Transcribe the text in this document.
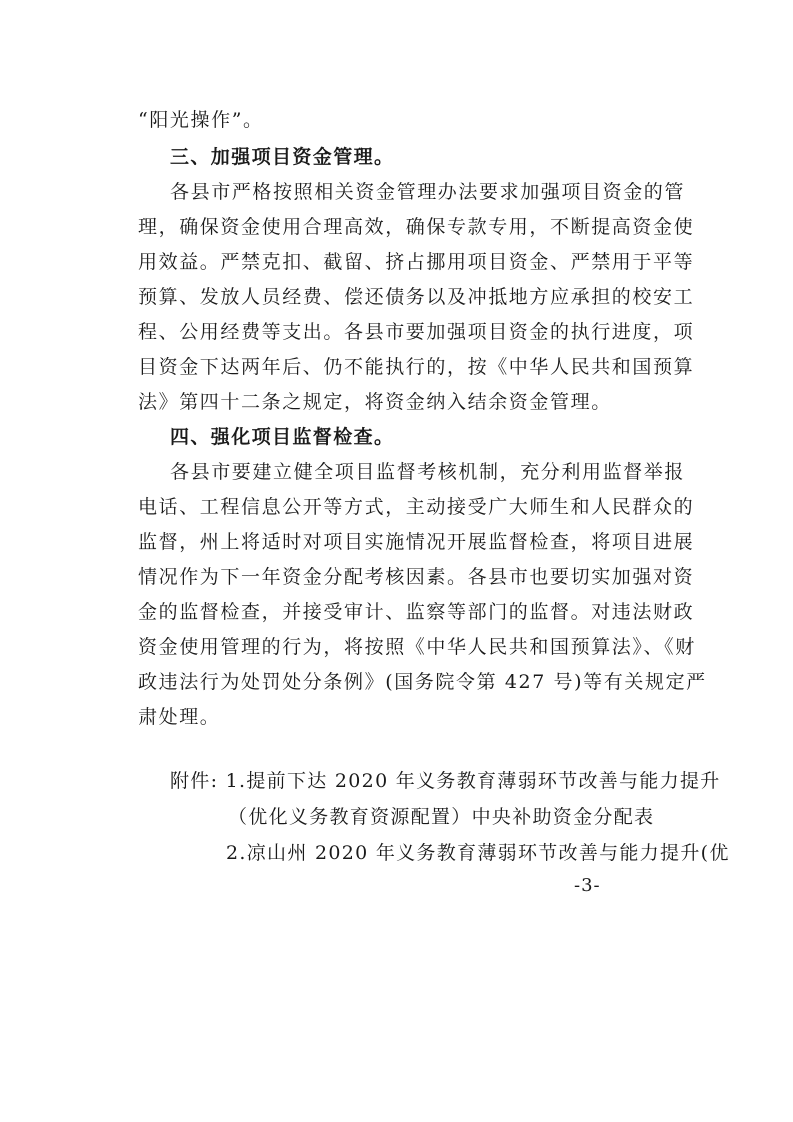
“阳光操作”。
三、加强项目资金管理。
各县市严格按照相关资金管理办法要求加强项目资金的管
理，确保资金使用合理高效，确保专款专用，不断提高资金使
用效益。严禁克扣、截留、挤占挪用项目资金、严禁用于平等
预算、发放人员经费、偿还债务以及冲抵地方应承担的校安工
程、公用经费等支出。各县市要加强项目资金的执行进度，项
目资金下达两年后、仍不能执行的，按《中华人民共和国预算
法》第四十二条之规定，将资金纳入结余资金管理。
四、强化项目监督检查。
各县市要建立健全项目监督考核机制，充分利用监督举报
电话、工程信息公开等方式，主动接受广大师生和人民群众的
监督，州上将适时对项目实施情况开展监督检查，将项目进展
情况作为下一年资金分配考核因素。各县市也要切实加强对资
金的监督检查，并接受审计、监察等部门的监督。对违法财政
资金使用管理的行为，将按照《中华人民共和国预算法》、《财
政违法行为处罚处分条例》(国务院令第 427 号)等有关规定严
肃处理。
附件: 1.提前下达 2020 年义务教育薄弱环节改善与能力提升
（优化义务教育资源配置）中央补助资金分配表
2.凉山州 2020 年义务教育薄弱环节改善与能力提升(优
-3-
